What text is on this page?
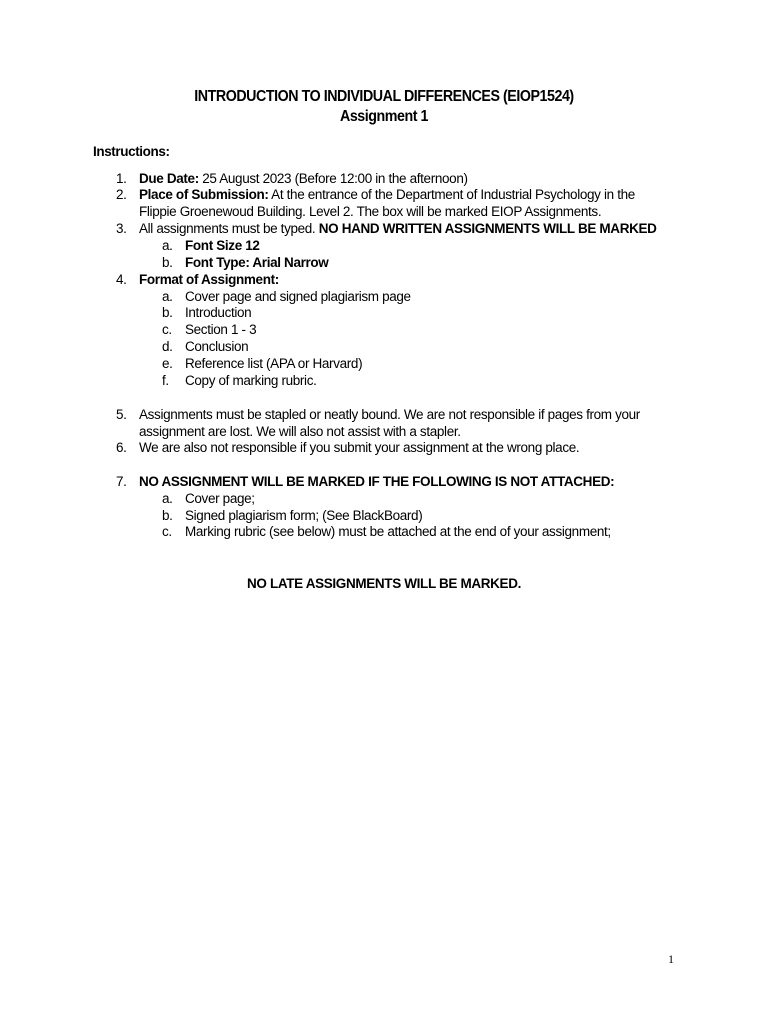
INTRODUCTION TO INDIVIDUAL DIFFERENCES (EIOP1524)
Assignment 1
Instructions:
1. Due Date: 25 August 2023 (Before 12:00 in the afternoon)
2. Place of Submission: At the entrance of the Department of Industrial Psychology in the
Flippie Groenewoud Building. Level 2. The box will be marked EIOP Assignments.
3. All assignments must be typed. NO HAND WRITTEN ASSIGNMENTS WILL BE MARKED
a. Font Size 12
b. Font Type: Arial Narrow
4. Format of Assignment:
a. Cover page and signed plagiarism page
b. Introduction
c. Section 1 - 3
d. Conclusion
e. Reference list (APA or Harvard)
f. Copy of marking rubric.
5. Assignments must be stapled or neatly bound. We are not responsible if pages from your
assignment are lost. We will also not assist with a stapler.
6. We are also not responsible if you submit your assignment at the wrong place.
7. NO ASSIGNMENT WILL BE MARKED IF THE FOLLOWING IS NOT ATTACHED:
a. Cover page;
b. Signed plagiarism form; (See BlackBoard)
c. Marking rubric (see below) must be attached at the end of your assignment;
NO LATE ASSIGNMENTS WILL BE MARKED.
1
